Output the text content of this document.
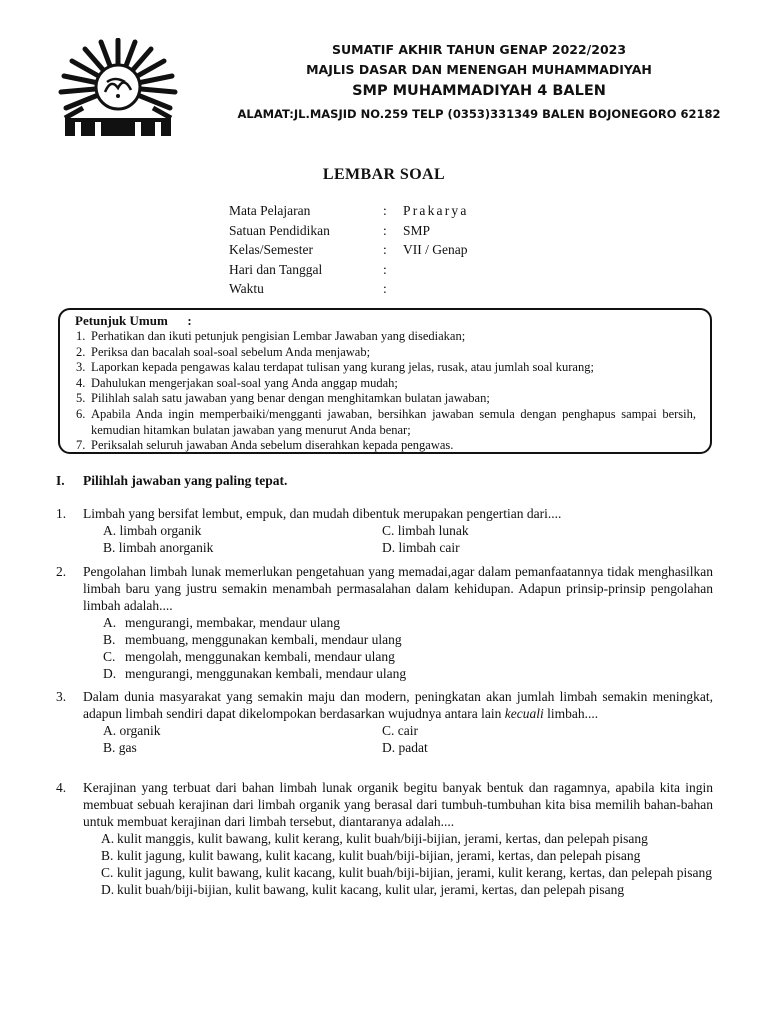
SUMATIF AKHIR TAHUN GENAP 2022/2023
MAJLIS DASAR DAN MENENGAH MUHAMMADIYAH
SMP MUHAMMADIYAH 4 BALEN
ALAMAT:JL.MASJID NO.259 TELP (0353)331349 BALEN BOJONEGORO 62182
LEMBAR SOAL
Mata Pelajaran	:	Prakarya
Satuan Pendidikan	:	SMP
Kelas/Semester	:	VII / Genap
Hari dan Tanggal	:
Waktu	:
Petunjuk Umum      :
1. Perhatikan dan ikuti petunjuk pengisian Lembar Jawaban yang disediakan;
2. Periksa dan bacalah soal-soal sebelum Anda menjawab;
3. Laporkan kepada pengawas kalau terdapat tulisan yang kurang jelas, rusak, atau jumlah soal kurang;
4. Dahulukan mengerjakan soal-soal yang Anda anggap mudah;
5. Pilihlah salah satu jawaban yang benar dengan menghitamkan bulatan jawaban;
6. Apabila Anda ingin memperbaiki/mengganti jawaban, bersihkan jawaban semula dengan penghapus sampai bersih, kemudian hitamkan bulatan jawaban yang menurut Anda benar;
7. Periksalah seluruh jawaban Anda sebelum diserahkan kepada pengawas.
I.	Pilihlah jawaban yang paling tepat.
1.	Limbah yang bersifat lembut, empuk, dan mudah dibentuk merupakan pengertian dari....
A. limbah organik	C. limbah lunak
B. limbah anorganik	D. limbah cair
2.	Pengolahan limbah lunak memerlukan pengetahuan yang memadai,agar dalam pemanfaatannya tidak menghasilkan limbah baru yang justru semakin menambah permasalahan dalam kehidupan. Adapun prinsip-prinsip pengolahan limbah adalah....
A. mengurangi, membakar, mendaur ulang
B. membuang, menggunakan kembali, mendaur ulang
C. mengolah, menggunakan kembali, mendaur ulang
D. mengurangi, menggunakan kembali, mendaur ulang
3.	Dalam dunia masyarakat yang semakin maju dan modern, peningkatan akan jumlah limbah semakin meningkat, adapun limbah sendiri dapat dikelompokan berdasarkan wujudnya antara lain kecuali limbah....
A. organik	C. cair
B. gas	D. padat
4.	Kerajinan yang terbuat dari bahan limbah lunak organik begitu banyak bentuk dan ragamnya, apabila kita ingin membuat sebuah kerajinan dari limbah organik yang berasal dari tumbuh-tumbuhan kita bisa memilih bahan-bahan untuk membuat kerajinan dari limbah tersebut, diantaranya adalah....
A. kulit manggis, kulit bawang, kulit kerang, kulit buah/biji-bijian, jerami, kertas, dan pelepah pisang
B. kulit jagung, kulit bawang, kulit kacang, kulit buah/biji-bijian, jerami, kertas, dan pelepah pisang
C. kulit jagung, kulit bawang, kulit kacang, kulit buah/biji-bijian, jerami, kulit kerang, kertas, dan pelepah pisang
D. kulit buah/biji-bijian, kulit bawang, kulit kacang, kulit ular, jerami, kertas, dan pelepah pisang
